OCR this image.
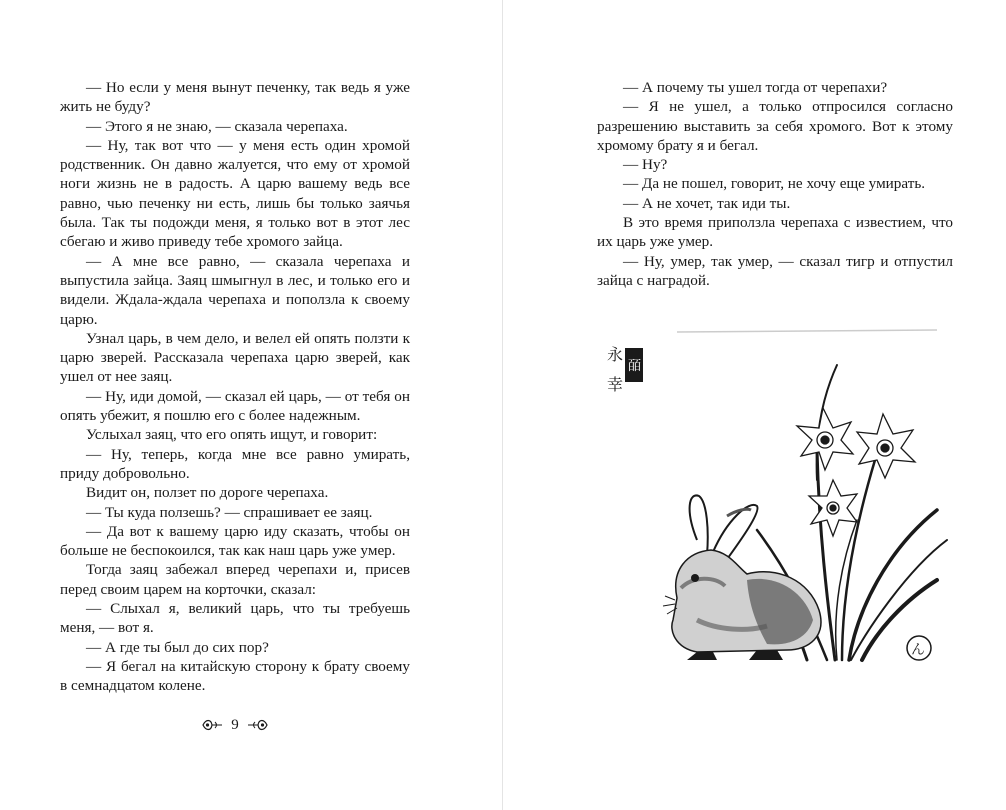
— Но если у меня вынут печенку, так ведь я уже жить не буду?

— Этого я не знаю, — сказала черепаха.

— Ну, так вот что — у меня есть один хромой родственник. Он давно жалуется, что ему от хромой ноги жизнь не в радость. А царю вашему ведь все равно, чью печенку ни есть, лишь бы только заячья была. Так ты подожди меня, я только вот в этот лес сбегаю и живо приведу тебе хромого зайца.

— А мне все равно, — сказала черепаха и выпустила зайца. Заяц шмыгнул в лес, и только его и видели. Ждала-ждала черепаха и поползла к своему царю.

Узнал царь, в чем дело, и велел ей опять ползти к царю зверей. Рассказала черепаха царю зверей, как ушел от нее заяц.

— Ну, иди домой, — сказал ей царь, — от тебя он опять убежит, я пошлю его с более надежным.

Услыхал заяц, что его опять ищут, и говорит:

— Ну, теперь, когда мне все равно умирать, приду добровольно.

Видит он, ползет по дороге черепаха.

— Ты куда ползешь? — спрашивает ее заяц.

— Да вот к вашему царю иду сказать, чтобы он больше не беспокоился, так как наш царь уже умер.

Тогда заяц забежал вперед черепахи и, присев перед своим царем на корточки, сказал:

— Слыхал я, великий царь, что ты требуешь меня, — вот я.

— А где ты был до сих пор?

— Я бегал на китайскую сторону к брату своему в семнадцатом колене.

9

— А почему ты ушел тогда от черепахи?

— Я не ушел, а только отпросился согласно разрешению выставить за себя хромого. Вот к этому хромому брату я и бегал.

— Ну?

— Да не пошел, говорит, не хочу еще умирать.

— А не хочет, так иди ты.

В это время приползла черепаха с известием, что их царь уже умер.

— Ну, умер, так умер, — сказал тигр и отпустил зайца с наградой.

永
皕
幸
ん
